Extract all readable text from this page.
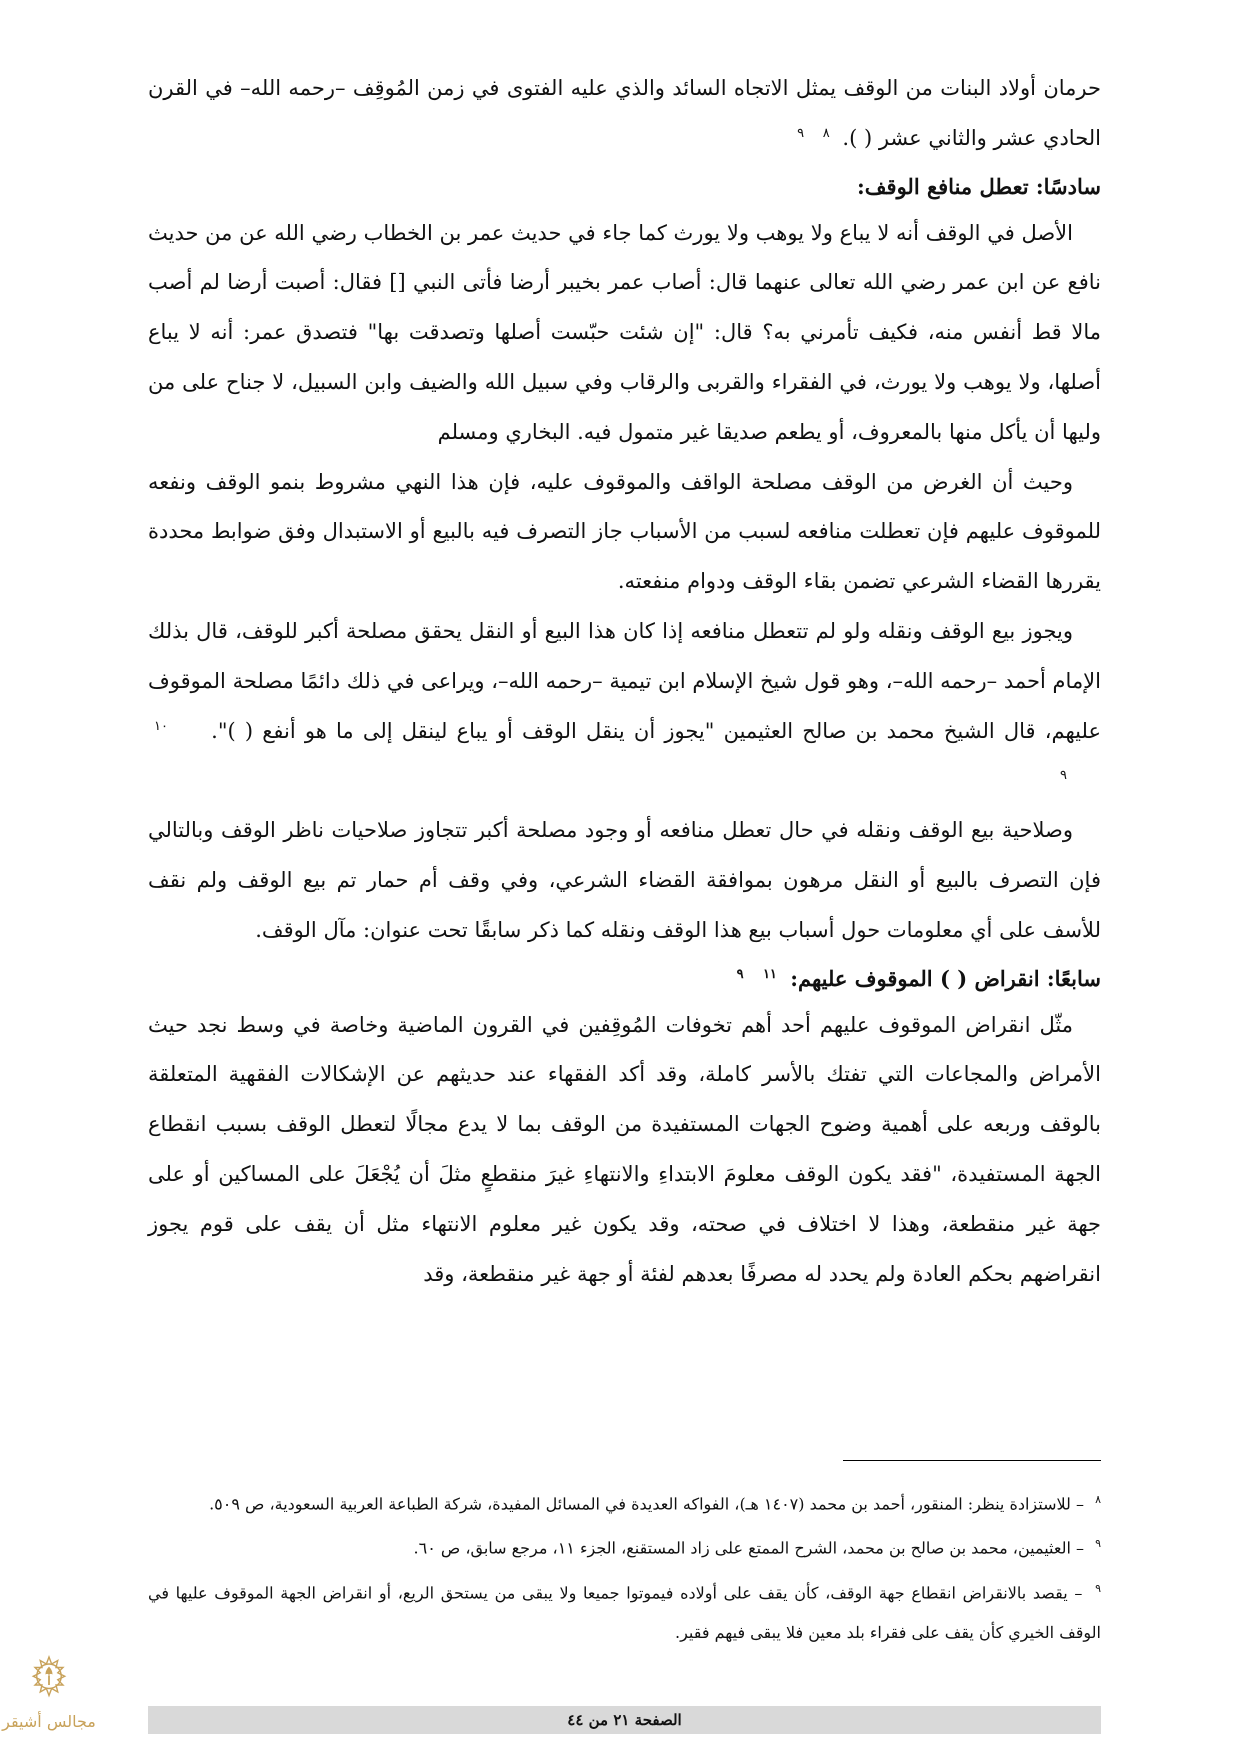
حرمان أولاد البنات من الوقف يمثل الاتجاه السائد والذي عليه الفتوى في زمن المُوقِف –رحمه الله– في القرن الحادي عشر والثاني عشر ( ). ٨ ٩

سادسًا: تعطل منافع الوقف:

الأصل في الوقف أنه لا يباع ولا يوهب ولا يورث كما جاء في حديث عمر بن الخطاب رضي الله عن من حديث نافع عن ابن عمر رضي الله تعالى عنهما قال: أصاب عمر بخيبر أرضا فأتى النبي [] فقال: أصبت أرضا لم أصب مالا قط أنفس منه، فكيف تأمرني به؟ قال: "إن شئت حبّست أصلها وتصدقت بها" فتصدق عمر: أنه لا يباع أصلها، ولا يوهب ولا يورث، في الفقراء والقربى والرقاب وفي سبيل الله والضيف وابن السبيل، لا جناح على من وليها أن يأكل منها بالمعروف، أو يطعم صديقا غير متمول فيه. البخاري ومسلم

وحيث أن الغرض من الوقف مصلحة الواقف والموقوف عليه، فإن هذا النهي مشروط بنمو الوقف ونفعه للموقوف عليهم فإن تعطلت منافعه لسبب من الأسباب جاز التصرف فيه بالبيع أو الاستبدال وفق ضوابط محددة يقررها القضاء الشرعي تضمن بقاء الوقف ودوام منفعته.

ويجوز بيع الوقف ونقله ولو لم تتعطل منافعه إذا كان هذا البيع أو النقل يحقق مصلحة أكبر للوقف، قال بذلك الإمام أحمد –رحمه الله–، وهو قول شيخ الإسلام ابن تيمية –رحمه الله–، ويراعى في ذلك دائمًا مصلحة الموقوف عليهم، قال الشيخ محمد بن صالح العثيمين "يجوز أن ينقل الوقف أو يباع لينقل إلى ما هو أنفع ( )". ١٠ ٩

وصلاحية بيع الوقف ونقله في حال تعطل منافعه أو وجود مصلحة أكبر تتجاوز صلاحيات ناظر الوقف وبالتالي فإن التصرف بالبيع أو النقل مرهون بموافقة القضاء الشرعي، وفي وقف أم حمار تم بيع الوقف ولم نقف للأسف على أي معلومات حول أسباب بيع هذا الوقف ونقله كما ذكر سابقًا تحت عنوان: مآل الوقف.

سابعًا: انقراض ( ) الموقوف عليهم: ١١ ٩

مثّل انقراض الموقوف عليهم أحد أهم تخوفات المُوقِفين في القرون الماضية وخاصة في وسط نجد حيث الأمراض والمجاعات التي تفتك بالأسر كاملة، وقد أكد الفقهاء عند حديثهم عن الإشكالات الفقهية المتعلقة بالوقف وربعه على أهمية وضوح الجهات المستفيدة من الوقف بما لا يدع مجالًا لتعطل الوقف بسبب انقطاع الجهة المستفيدة، "فقد يكون الوقف معلومَ الابتداءِ والانتهاءِ غيرَ منقطعٍ مثلَ أن يُجْعَلَ على المساكين أو على جهة غير منقطعة، وهذا لا اختلاف في صحته، وقد يكون غير معلوم الانتهاء مثل أن يقف على قوم يجوز انقراضهم بحكم العادة ولم يحدد له مصرفًا بعدهم لفئة أو جهة غير منقطعة، وقد

$^٨$ – للاستزادة ينظر: المنقور، أحمد بن محمد (١٤٠٧ هـ)، الفواكه العديدة في المسائل المفيدة، شركة الطباعة العربية السعودية، ص ٥٠٩.

$^٩$ – العثيمين، محمد بن صالح بن محمد، الشرح الممتع على زاد المستقنع، الجزء ١١، مرجع سابق، ص ٦٠.

$^٩$ – يقصد بالانقراض انقطاع جهة الوقف، كأن يقف على أولاده فيموتوا جميعا ولا يبقى من يستحق الريع، أو انقراض الجهة الموقوف عليها في الوقف الخيري كأن يقف على فقراء بلد معين فلا يبقى فيهم فقير.

الصفحة ٢١ من ٤٤
مجالس أشيقر
